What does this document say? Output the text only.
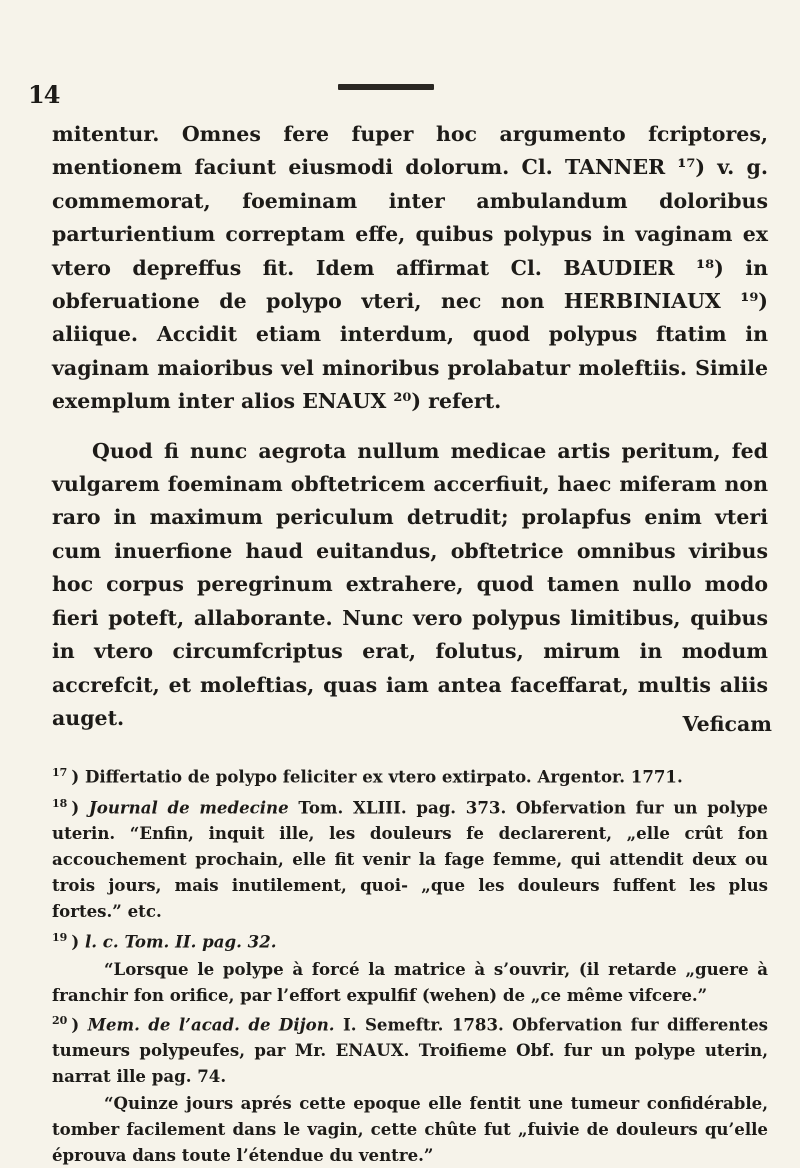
14

mitentur. Omnes fere fuper hoc argumento fcriptores, mentionem faciunt eiusmodi dolorum. Cl. TANNER ¹⁷) v. g. commemorat, foeminam inter ambulandum doloribus parturientium correptam effe, quibus polypus in vaginam ex vtero depreffus fit. Idem affirmat Cl. BAUDIER ¹⁸) in obferuatione de polypo vteri, nec non HERBINIAUX ¹⁹) aliique. Accidit etiam interdum, quod polypus ftatim in vaginam maioribus vel minoribus prolabatur moleftiis. Simile exemplum inter alios ENAUX ²⁰) refert.

Quod fi nunc aegrota nullum medicae artis peritum, fed vulgarem foeminam obftetricem accerfiuit, haec miferam non raro in maximum periculum detrudit; prolapfus enim vteri cum inuerfione haud euitandus, obftetrice omnibus viribus hoc corpus peregrinum extrahere, quod tamen nullo modo fieri poteft, allaborante. Nunc vero polypus limitibus, quibus in vtero circumfcriptus erat, folutus, mirum in modum accrefcit, et moleftias, quas iam antea faceffarat, multis aliis auget.	Veficam

$^{17}$ ) Differtatio de polypo feliciter ex vtero extirpato. Argentor. 1771.

$^{18}$ ) Journal de medecine Tom. XLIII. pag. 373. Obfervation fur un polype uterin. “Enfin, inquit ille, les douleurs fe declarerent, „elle crût fon accouchement prochain, elle fit venir la fage femme, qui attendit deux ou trois jours, mais inutilement, quoi- „que les douleurs fuffent les plus fortes.” etc.

$^{19}$ ) l. c. Tom. II. pag. 32.

“Lorsque le polype à forcé la matrice à s’ouvrir, (il retarde „guere à franchir fon orifice, par l’effort expulfif (wehen) de „ce même vifcere.”

$^{20}$ ) Mem. de l’acad. de Dijon. I. Semeftr. 1783. Obfervation fur differentes tumeurs polypeufes, par Mr. ENAUX. Troifieme Obf. fur un polype uterin, narrat ille pag. 74.

“Quinze jours aprés cette epoque elle fentit une tumeur confidérable, tomber facilement dans le vagin, cette chûte fut „fuivie de douleurs qu’elle éprouva dans toute l’étendue du ventre.”
